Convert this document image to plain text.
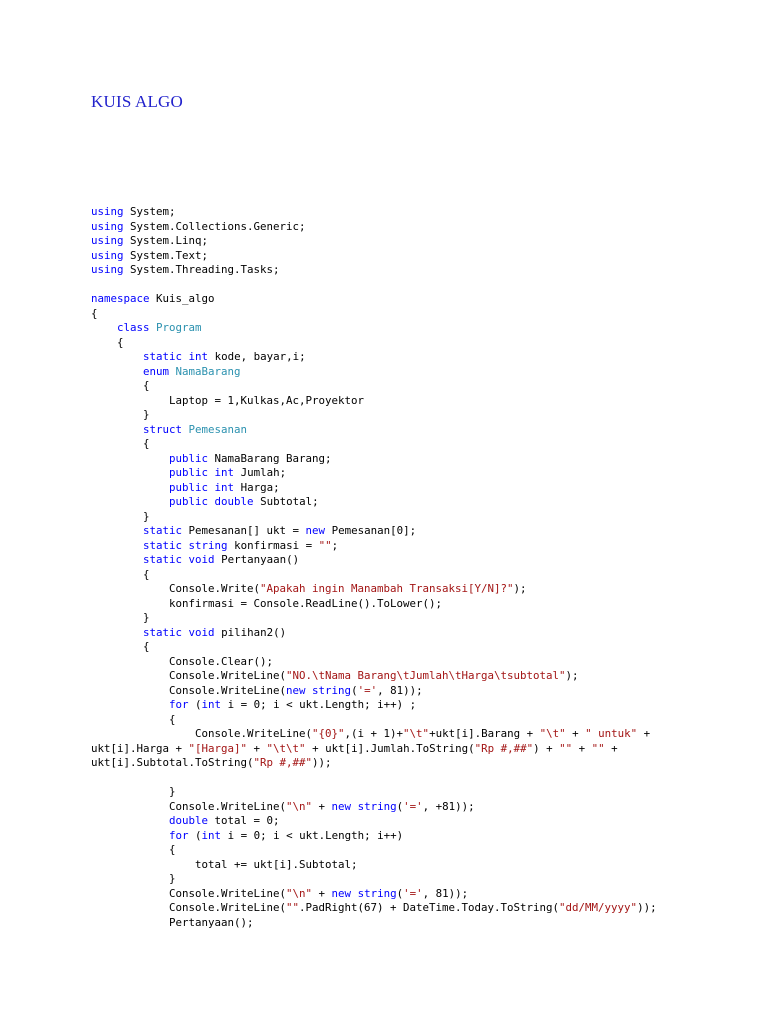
KUIS ALGO
using System;
using System.Collections.Generic;
using System.Linq;
using System.Text;
using System.Threading.Tasks;

namespace Kuis_algo
{
class Program
{
static int kode, bayar,i;
enum NamaBarang
{
Laptop = 1,Kulkas,Ac,Proyektor
}
struct Pemesanan
{
public NamaBarang Barang;
public int Jumlah;
public int Harga;
public double Subtotal;
}
static Pemesanan[] ukt = new Pemesanan[0];
static string konfirmasi = "";
static void Pertanyaan()
{
Console.Write("Apakah ingin Manambah Transaksi[Y/N]?");
konfirmasi = Console.ReadLine().ToLower();
}
static void pilihan2()
{
Console.Clear();
Console.WriteLine("NO.\tNama Barang\tJumlah\tHarga\tsubtotal");
Console.WriteLine(new string('=', 81));
for (int i = 0; i < ukt.Length; i++) ;
{
Console.WriteLine("{0}",(i + 1)+"\t"+ukt[i].Barang + "\t" + " untuk" +
ukt[i].Harga + "[Harga]" + "\t\t" + ukt[i].Jumlah.ToString("Rp #,##") + "" + "" +
ukt[i].Subtotal.ToString("Rp #,##"));

}
Console.WriteLine("\n" + new string('=', +81));
double total = 0;
for (int i = 0; i < ukt.Length; i++)
{
total += ukt[i].Subtotal;
}
Console.WriteLine("\n" + new string('=', 81));
Console.WriteLine("".PadRight(67) + DateTime.Today.ToString("dd/MM/yyyy"));
Pertanyaan();
